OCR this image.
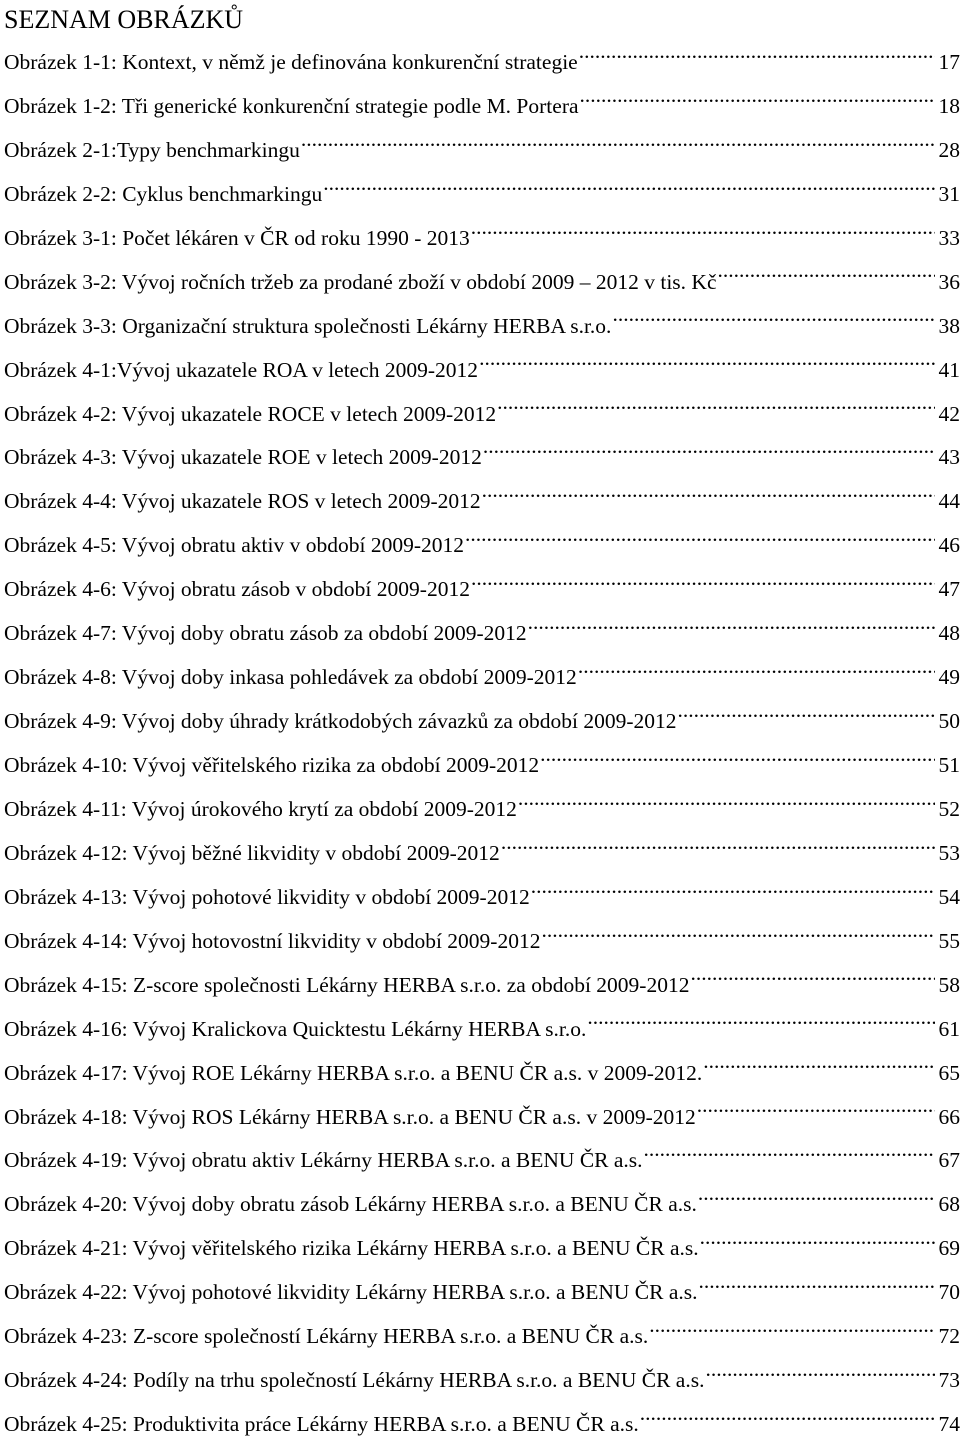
SEZNAM OBRÁZKŮ
Obrázek 1-1: Kontext, v němž je definována konkurenční strategie .....	17
Obrázek 1-2: Tři generické konkurenční strategie podle M. Portera .....	18
Obrázek 2-1:Typy benchmarkingu .....	28
Obrázek 2-2: Cyklus benchmarkingu .....	31
Obrázek 3-1: Počet lékáren v ČR od roku 1990 - 2013 .....	33
Obrázek 3-2: Vývoj ročních tržeb za prodané zboží v období 2009 – 2012 v tis. Kč .....	36
Obrázek 3-3: Organizační struktura společnosti Lékárny HERBA s.r.o. .....	38
Obrázek 4-1:Vývoj ukazatele ROA v letech 2009-2012 .....	41
Obrázek 4-2: Vývoj ukazatele ROCE v letech 2009-2012 .....	42
Obrázek 4-3: Vývoj ukazatele ROE v letech 2009-2012 .....	43
Obrázek 4-4: Vývoj ukazatele ROS v letech 2009-2012 .....	44
Obrázek 4-5: Vývoj obratu aktiv v období 2009-2012 .....	46
Obrázek 4-6: Vývoj obratu zásob v období 2009-2012 .....	47
Obrázek 4-7: Vývoj doby obratu zásob za období 2009-2012 .....	48
Obrázek 4-8: Vývoj doby inkasa pohledávek za období 2009-2012 .....	49
Obrázek 4-9: Vývoj doby úhrady krátkodobých závazků za období 2009-2012 .....	50
Obrázek 4-10: Vývoj věřitelského rizika za období 2009-2012 .....	51
Obrázek 4-11: Vývoj úrokového krytí za období 2009-2012 .....	52
Obrázek 4-12: Vývoj běžné likvidity v období 2009-2012 .....	53
Obrázek 4-13: Vývoj pohotové likvidity v období 2009-2012 .....	54
Obrázek 4-14: Vývoj hotovostní likvidity v období 2009-2012 .....	55
Obrázek 4-15: Z-score společnosti Lékárny HERBA s.r.o. za období 2009-2012 .....	58
Obrázek 4-16: Vývoj Kralickova Quicktestu Lékárny HERBA s.r.o. .....	61
Obrázek 4-17: Vývoj ROE Lékárny HERBA s.r.o. a BENU ČR a.s. v 2009-2012. .....	65
Obrázek 4-18: Vývoj ROS Lékárny HERBA s.r.o. a BENU ČR a.s. v 2009-2012 .....	66
Obrázek 4-19: Vývoj obratu aktiv Lékárny HERBA s.r.o. a BENU ČR a.s. .....	67
Obrázek 4-20: Vývoj doby obratu zásob Lékárny HERBA s.r.o. a BENU ČR a.s. .....	68
Obrázek 4-21: Vývoj věřitelského rizika Lékárny HERBA s.r.o. a BENU ČR a.s. .....	69
Obrázek 4-22: Vývoj pohotové likvidity Lékárny HERBA s.r.o. a BENU ČR a.s. .....	70
Obrázek 4-23: Z-score společností Lékárny HERBA s.r.o. a BENU ČR a.s. .....	72
Obrázek 4-24: Podíly na trhu společností Lékárny HERBA s.r.o. a BENU ČR a.s. .....	73
Obrázek 4-25: Produktivita práce Lékárny HERBA s.r.o. a BENU ČR a.s. .....	74
